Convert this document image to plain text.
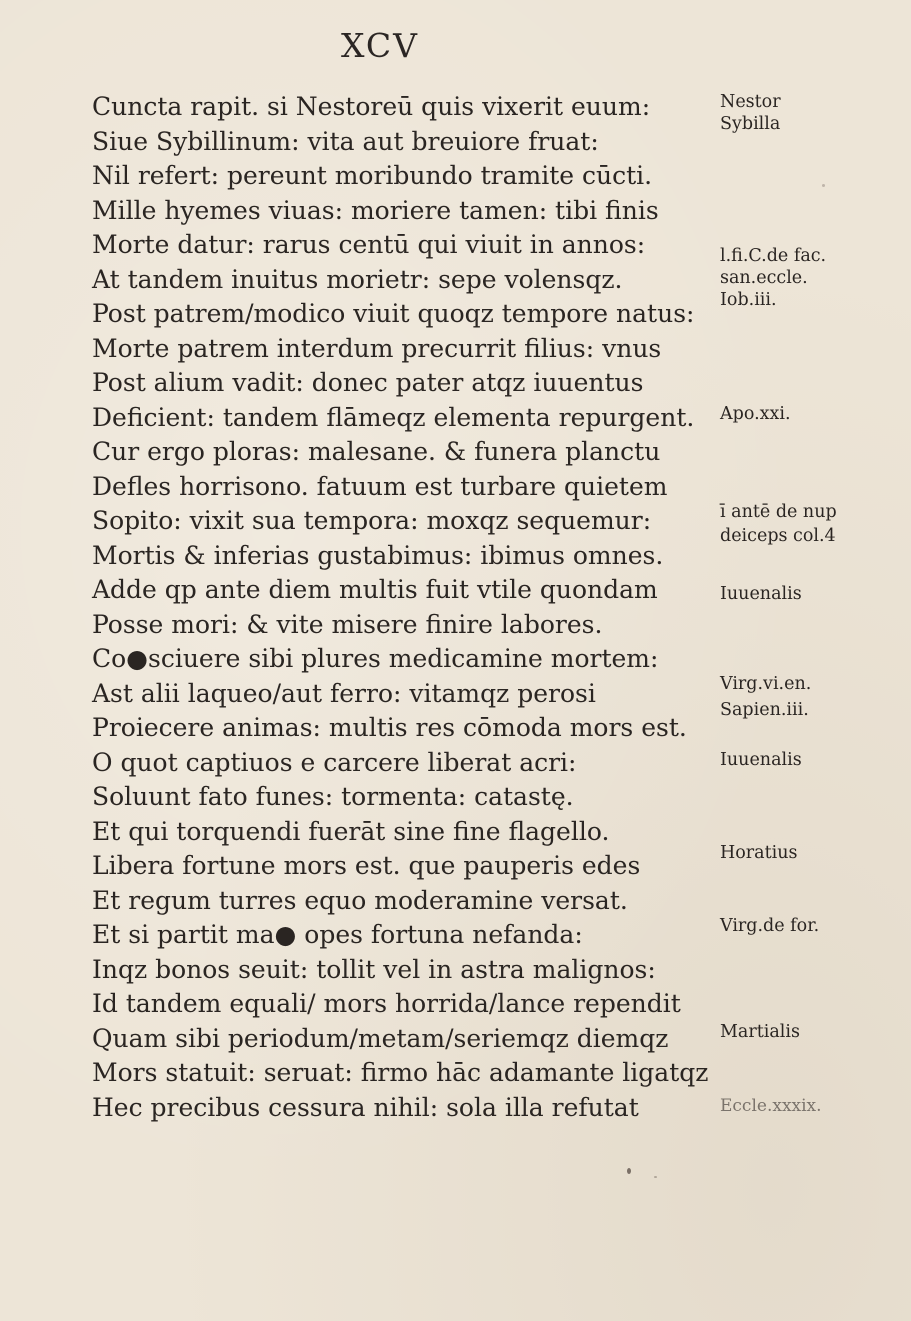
XCV
Cuncta rapit. si Nestoreū quis vixerit euum:
Siue Sybillinum: vita aut breuiore fruat:
Nil refert: pereunt moribundo tramite cūcti.
Mille hyemes viuas: moriere tamen: tibi finis
Morte datur: rarus centū qui viuit in annos:
At tandem inuitus morietr: sepe volensqz.
Post patrem/modico viuit quoqz tempore natus:
Morte patrem interdum precurrit filius: vnus
Post alium vadit: donec pater atqz iuuentus
Deficient: tandem flāmeqz elementa repurgent.
Cur ergo ploras: malesane. & funera planctu
Defles horrisono. fatuum est turbare quietem
Sopito: vixit sua tempora: moxqz sequemur:
Mortis & inferias gustabimus: ibimus omnes.
Adde qp ante diem multis fuit vtile quondam
Posse mori: & vite misere finire labores.
Co●sciuere sibi plures medicamine mortem:
Ast alii laqueo/aut ferro: vitamqz perosi
Proiecere animas: multis res cōmoda mors est.
O quot captiuos e carcere liberat acri:
Soluunt fato funes: tormenta: catastę.
Et qui torquendi fuerāt sine fine flagello.
Libera fortune mors est. que pauperis edes
Et regum turres equo moderamine versat.
Et si partit ma● opes fortuna nefanda:
Inqz bonos seuit: tollit vel in astra malignos:
Id tandem equali/ mors horrida/lance rependit
Quam sibi periodum/metam/seriemqz diemqz
Mors statuit: seruat: firmo hāc adamante ligatqz
Hec precibus cessura nihil: sola illa refutat
Nestor
Sybilla
l.fi.C.de fac.
san.eccle.
Iob.iii.
Apo.xxi.
ī antē de nup
deiceps col.4
Iuuenalis
Virg.vi.en.
Sapien.iii.
Iuuenalis
Horatius
Virg.de for.
Martialis
Eccle.xxxix.
